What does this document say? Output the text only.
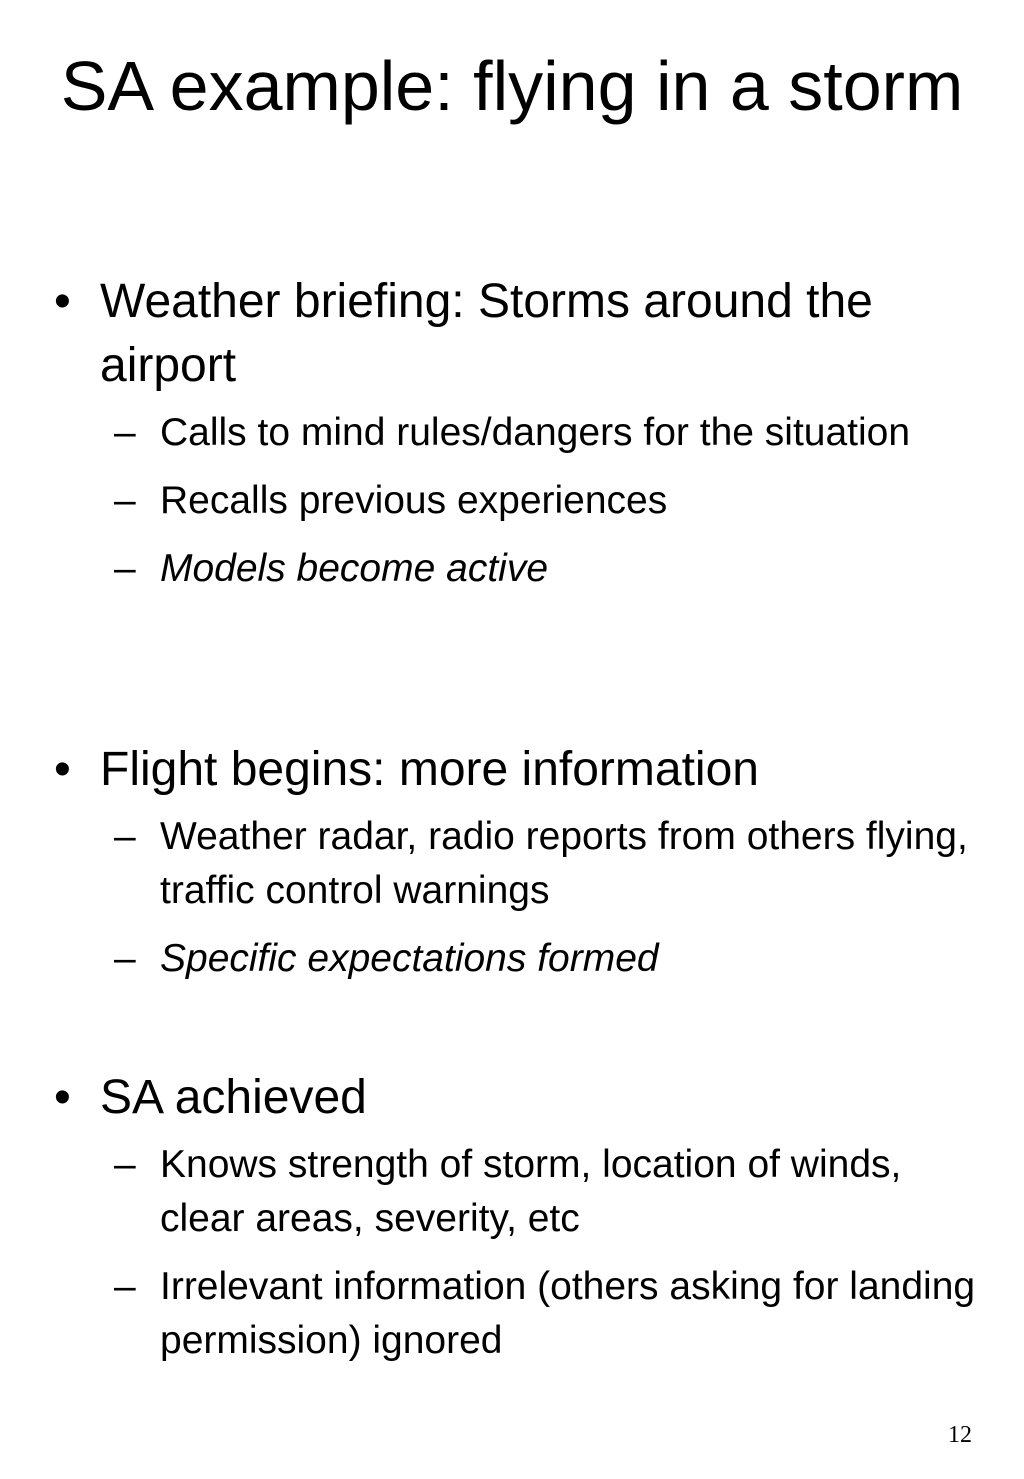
SA example: flying in a storm
• Weather briefing: Storms around the airport
– Calls to mind rules/dangers for the situation
– Recalls previous experiences
– Models become active
• Flight begins: more information
– Weather radar, radio reports from others flying, traffic control warnings
– Specific expectations formed
• SA achieved
– Knows strength of storm, location of winds, clear areas, severity, etc
– Irrelevant information (others asking for landing permission) ignored
12
